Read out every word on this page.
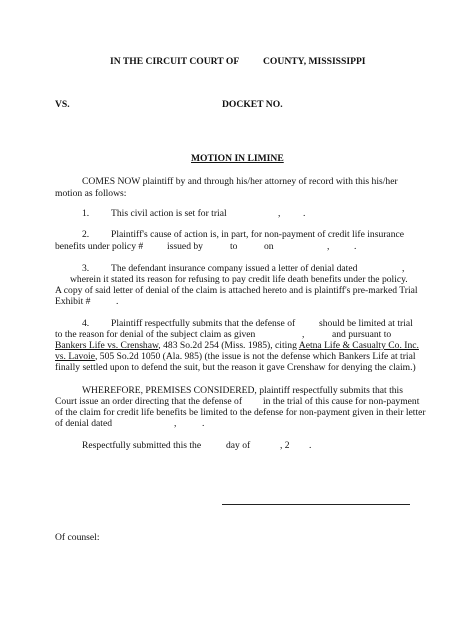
IN THE CIRCUIT COURT OF COUNTY, MISSISSIPPI
VS.	DOCKET NO.
MOTION IN LIMINE
COMES NOW plaintiff by and through his/her attorney of record with this his/her
motion as follows:
1. This civil action is set for trial	, .
2. Plaintiff's cause of action is, in part, for non-payment of credit life insurance
benefits under policy # issued by	to	on	,	.
3. The defendant insurance company issued a letter of denial dated	,
wherein it stated its reason for refusing to pay credit life death benefits under the policy.
A copy of said letter of denial of the claim is attached hereto and is plaintiff's pre-marked Trial
Exhibit #	.
4. Plaintiff respectfully submits that the defense of should be limited at trial
to the reason for denial of the subject claim as given	,	and pursuant to
Bankers Life vs. Crenshaw, 483 So.2d 254 (Miss. 1985), citing Aetna Life & Casualty Co. Inc.
vs. Lavoie, 505 So.2d 1050 (Ala. 985) (the issue is not the defense which Bankers Life at trial
finally settled upon to defend the suit, but the reason it gave Crenshaw for denying the claim.)
WHEREFORE, PREMISES CONSIDERED, plaintiff respectfully submits that this
Court issue an order directing that the defense of in the trial of this cause for non-payment
of the claim for credit life benefits be limited to the defense for non-payment given in their letter
of denial dated	,	.
Respectfully submitted this the	day of	, 2 .
Of counsel:
